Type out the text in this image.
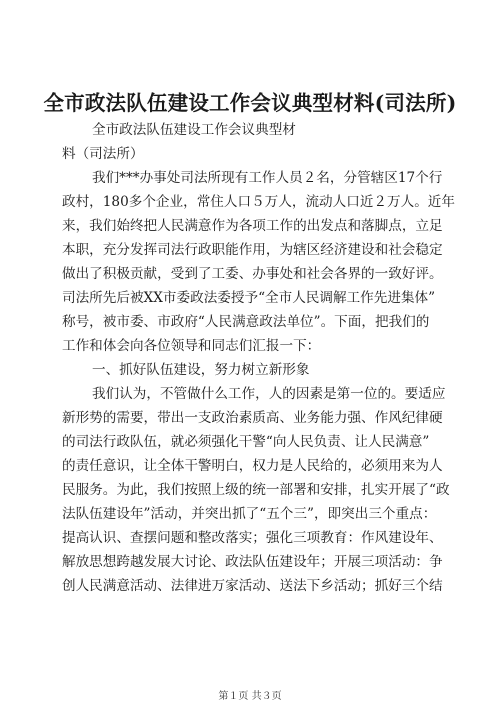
全市政法队伍建设工作会议典型材料(司法所)
全市政法队伍建设工作会议典型材
料（司法所）
我们***办事处司法所现有工作人员２名，分管辖区17个行
政村，180多个企业，常住人口５万人，流动人口近２万人。近年
来，我们始终把人民满意作为各项工作的出发点和落脚点，立足
本职，充分发挥司法行政职能作用，为辖区经济建设和社会稳定
做出了积极贡献，受到了工委、办事处和社会各界的一致好评。
司法所先后被XX市委政法委授予“全市人民调解工作先进集体”
称号，被市委、市政府“人民满意政法单位”。下面，把我们的
工作和体会向各位领导和同志们汇报一下：
一、抓好队伍建设，努力树立新形象
我们认为，不管做什么工作，人的因素是第一位的。要适应
新形势的需要，带出一支政治素质高、业务能力强、作风纪律硬
的司法行政队伍，就必须强化干警“向人民负责、让人民满意”
的责任意识，让全体干警明白，权力是人民给的，必须用来为人
民服务。为此，我们按照上级的统一部署和安排，扎实开展了“政
法队伍建设年”活动，并突出抓了“五个三”，即突出三个重点：
提高认识、查摆问题和整改落实；强化三项教育：作风建设年、
解放思想跨越发展大讨论、政法队伍建设年；开展三项活动：争
创人民满意活动、法律进万家活动、送法下乡活动；抓好三个结
第１页 共３页
